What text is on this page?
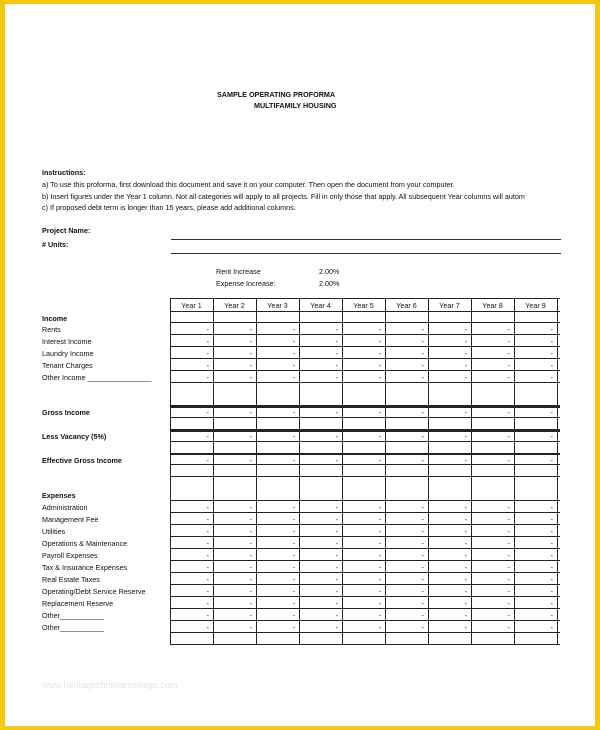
SAMPLE OPERATING PROFORMA
MULTIFAMILY HOUSING
Instructions:
a) To use this proforma, first download this document and save it on your computer. Then open the document from your computer.
b) Insert figures under the Year 1 column. Not all categories will apply to all projects. Fill in only those that apply. All subsequent Year columns will autom
c) If proposed debt term is longer than 15 years, please add additional columns.
Project Name:
# Units:
Rent Increase	2.00%
Expense Increase:	2.00%
Year 1	Year 2	Year 3	Year 4	Year 5	Year 6	Year 7	Year 8	Year 9
Income
Rents	-	-	-	-	-	-	-	-	-
Interest Income	-	-	-	-	-	-	-	-	-
Laundry Income	-	-	-	-	-	-	-	-	-
Tenant Charges	-	-	-	-	-	-	-	-	-
Other Income ________________	-	-	-	-	-	-	-	-	-
Gross Income	-	-	-	-	-	-	-	-	-
Less Vacancy (5%)	-	-	-	-	-	-	-	-	-
Effective Gross Income	-	-	-	-	-	-	-	-	-
Expenses
Administration	-	-	-	-	-	-	-	-	-
Management Fee	-	-	-	-	-	-	-	-	-
Utilities	-	-	-	-	-	-	-	-	-
Operations & Maintenance	-	-	-	-	-	-	-	-	-
Payroll Expenses	-	-	-	-	-	-	-	-	-
Tax & Insurance Expenses	-	-	-	-	-	-	-	-	-
Real Estate Taxes	-	-	-	-	-	-	-	-	-
Operating/Debt Service Reserve	-	-	-	-	-	-	-	-	-
Replacement Reserve	-	-	-	-	-	-	-	-	-
Other___________	-	-	-	-	-	-	-	-	-
Other___________	-	-	-	-	-	-	-	-	-
www.heritagechristiancollege.com
